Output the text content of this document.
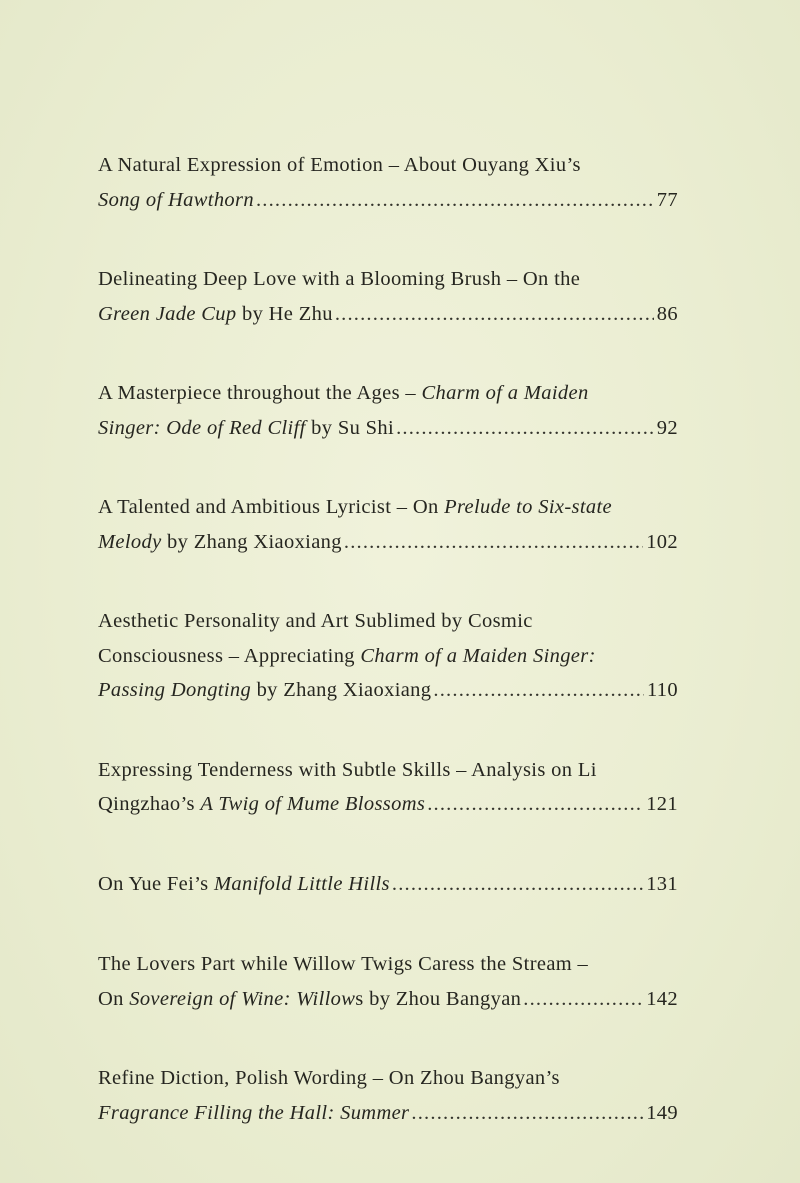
A Natural Expression of Emotion – About Ouyang Xiu’s
Song of Hawthorn .....	77
Delineating Deep Love with a Blooming Brush – On the
Green Jade Cup by He Zhu .....	86
A Masterpiece throughout the Ages – Charm of a Maiden
Singer: Ode of Red Cliff by Su Shi .....	92
A Talented and Ambitious Lyricist – On Prelude to Six-state
Melody by Zhang Xiaoxiang .....	102
Aesthetic Personality and Art Sublimed by Cosmic
Consciousness – Appreciating Charm of a Maiden Singer:
Passing Dongting by Zhang Xiaoxiang .....	110
Expressing Tenderness with Subtle Skills – Analysis on Li
Qingzhao’s A Twig of Mume Blossoms .....	121
On Yue Fei’s Manifold Little Hills .....	131
The Lovers Part while Willow Twigs Caress the Stream –
On Sovereign of Wine: Willows by Zhou Bangyan .....	142
Refine Diction, Polish Wording – On Zhou Bangyan’s
Fragrance Filling the Hall: Summer .....	149
